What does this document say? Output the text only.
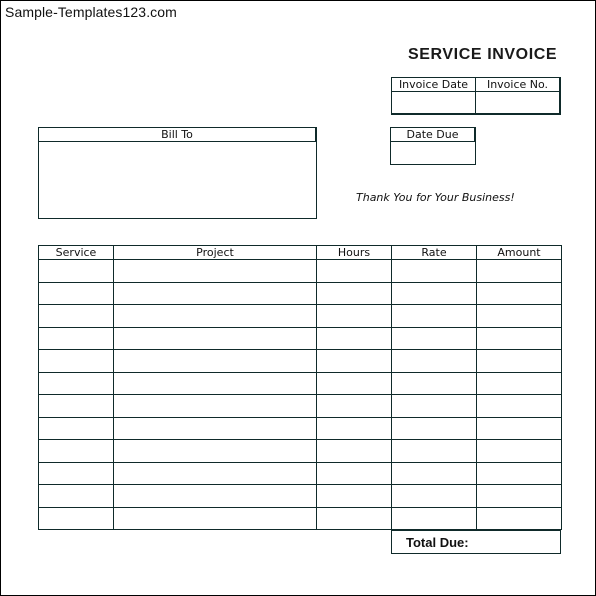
Sample-Templates123.com
SERVICE INVOICE
Invoice Date	Invoice No.
Date Due
Bill To
Thank You for Your Business!
Service	Project	Hours	Rate	Amount

Total Due:
